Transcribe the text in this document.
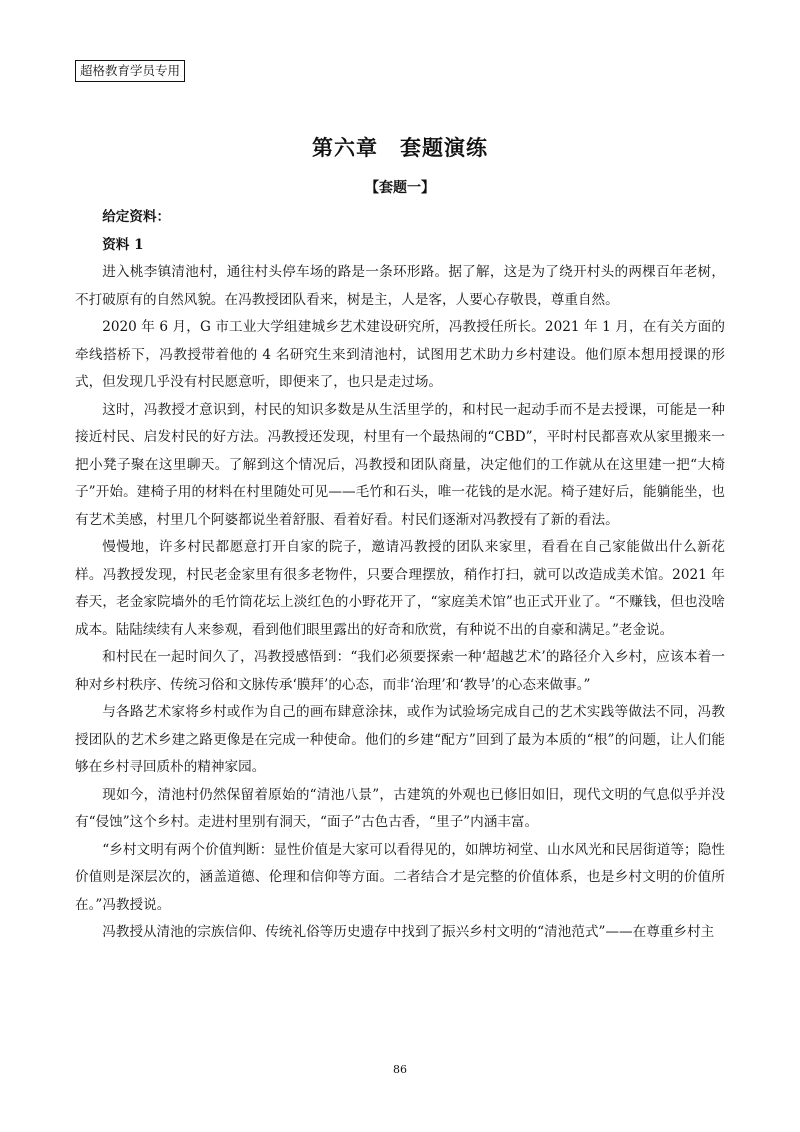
超格教育学员专用
第六章　套题演练
【套题一】

给定资料：

资料 1

进入桃李镇清池村，通往村头停车场的路是一条环形路。据了解，这是为了绕开村头的两棵百年老树，不打破原有的自然风貌。在冯教授团队看来，树是主，人是客，人要心存敬畏，尊重自然。

2020 年 6 月，G 市工业大学组建城乡艺术建设研究所，冯教授任所长。2021 年 1 月，在有关方面的牵线搭桥下，冯教授带着他的 4 名研究生来到清池村，试图用艺术助力乡村建设。他们原本想用授课的形式，但发现几乎没有村民愿意听，即便来了，也只是走过场。

这时，冯教授才意识到，村民的知识多数是从生活里学的，和村民一起动手而不是去授课，可能是一种接近村民、启发村民的好方法。冯教授还发现，村里有一个最热闹的“CBD”，平时村民都喜欢从家里搬来一把小凳子聚在这里聊天。了解到这个情况后，冯教授和团队商量，决定他们的工作就从在这里建一把“大椅子”开始。建椅子用的材料在村里随处可见——毛竹和石头，唯一花钱的是水泥。椅子建好后，能躺能坐，也有艺术美感，村里几个阿婆都说坐着舒服、看着好看。村民们逐渐对冯教授有了新的看法。

慢慢地，许多村民都愿意打开自家的院子，邀请冯教授的团队来家里，看看在自己家能做出什么新花样。冯教授发现，村民老金家里有很多老物件，只要合理摆放，稍作打扫，就可以改造成美术馆。2021 年春天，老金家院墙外的毛竹筒花坛上淡红色的小野花开了，“家庭美术馆”也正式开业了。“不赚钱，但也没啥成本。陆陆续续有人来参观，看到他们眼里露出的好奇和欣赏，有种说不出的自豪和满足。”老金说。

和村民在一起时间久了，冯教授感悟到：“我们必须要探索一种‘超越艺术’的路径介入乡村，应该本着一种对乡村秩序、传统习俗和文脉传承‘膜拜’的心态，而非‘治理’和‘教导’的心态来做事。”

与各路艺术家将乡村或作为自己的画布肆意涂抹，或作为试验场完成自己的艺术实践等做法不同，冯教授团队的艺术乡建之路更像是在完成一种使命。他们的乡建“配方”回到了最为本质的“根”的问题，让人们能够在乡村寻回质朴的精神家园。

现如今，清池村仍然保留着原始的“清池八景”，古建筑的外观也已修旧如旧，现代文明的气息似乎并没有“侵蚀”这个乡村。走进村里别有洞天，“面子”古色古香，“里子”内涵丰富。

“乡村文明有两个价值判断：显性价值是大家可以看得见的，如牌坊祠堂、山水风光和民居街道等；隐性价值则是深层次的，涵盖道德、伦理和信仰等方面。二者结合才是完整的价值体系，也是乡村文明的价值所在。”冯教授说。

冯教授从清池的宗族信仰、传统礼俗等历史遗存中找到了振兴乡村文明的“清池范式”——在尊重乡村主

86
